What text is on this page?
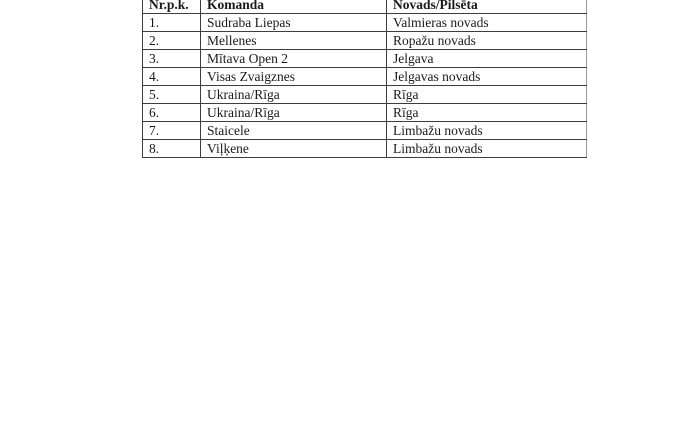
Nr.p.k.	Komanda	Novads/Pilsēta
1.	Sudraba Liepas	Valmieras novads
2.	Mellenes	Ropažu novads
3.	Mītava Open 2	Jelgava
4.	Visas Zvaigznes	Jelgavas novads
5.	Ukraina/Rīga	Rīga
6.	Ukraina/Rīga	Rīga
7.	Staicele	Limbažu novads
8.	Viļķene	Limbažu novads
